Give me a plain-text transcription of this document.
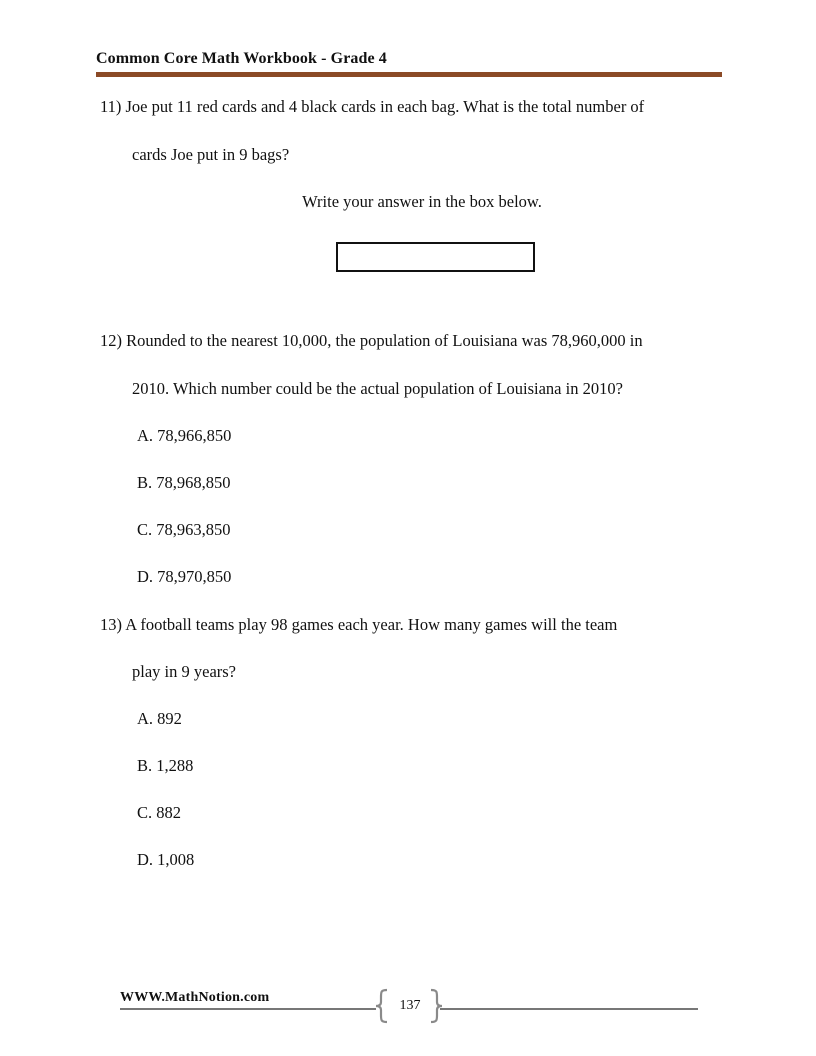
Common Core Math Workbook - Grade 4
11) Joe put 11 red cards and 4 black cards in each bag. What is the total number of
cards Joe put in 9 bags?
Write your answer in the box below.
12) Rounded to the nearest 10,000, the population of Louisiana was 78,960,000 in
2010. Which number could be the actual population of Louisiana in 2010?
A. 78,966,850
B. 78,968,850
C. 78,963,850
D. 78,970,850
13) A football teams play 98 games each year. How many games will the team
play in 9 years?
A. 892
B. 1,288
C. 882
D. 1,008
WWW.MathNotion.com
137
